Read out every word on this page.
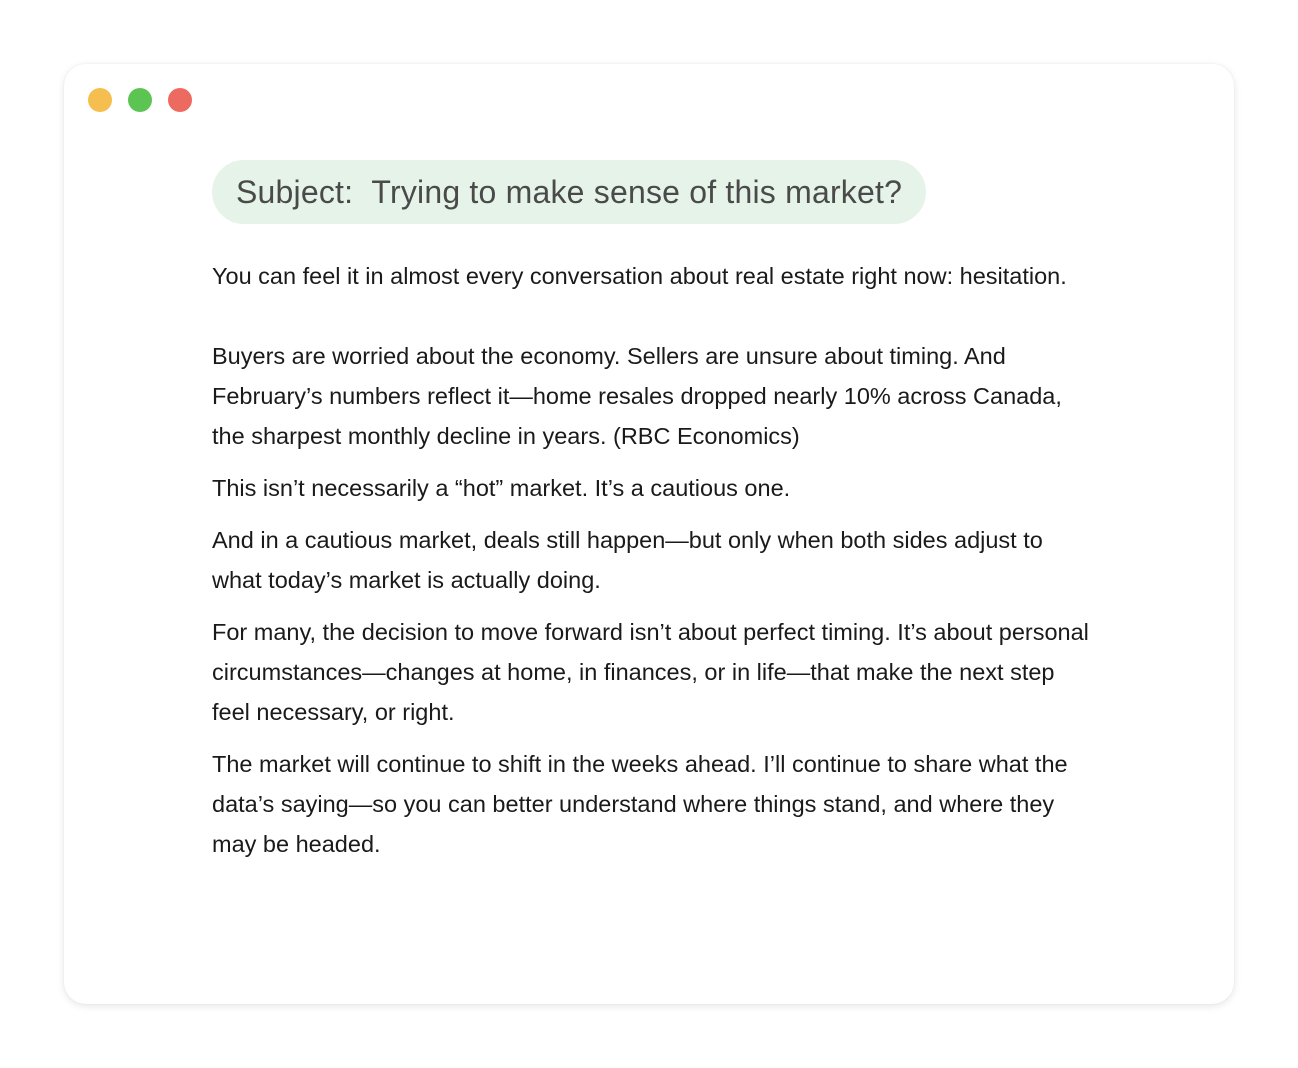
Subject:
Trying to make sense of this market?

You can feel it in almost every conversation about real estate right now: hesitation.

Buyers are worried about the economy. Sellers are unsure about timing. And February’s numbers reflect it—home resales dropped nearly 10% across Canada, the sharpest monthly decline in years. (RBC Economics)

This isn’t necessarily a “hot” market. It’s a cautious one.

And in a cautious market, deals still happen—but only when both sides adjust to what today’s market is actually doing.

For many, the decision to move forward isn’t about perfect timing. It’s about personal circumstances—changes at home, in finances, or in life—that make the next step feel necessary, or right.

The market will continue to shift in the weeks ahead. I’ll continue to share what the data’s saying—so you can better understand where things stand, and where they may be headed.
